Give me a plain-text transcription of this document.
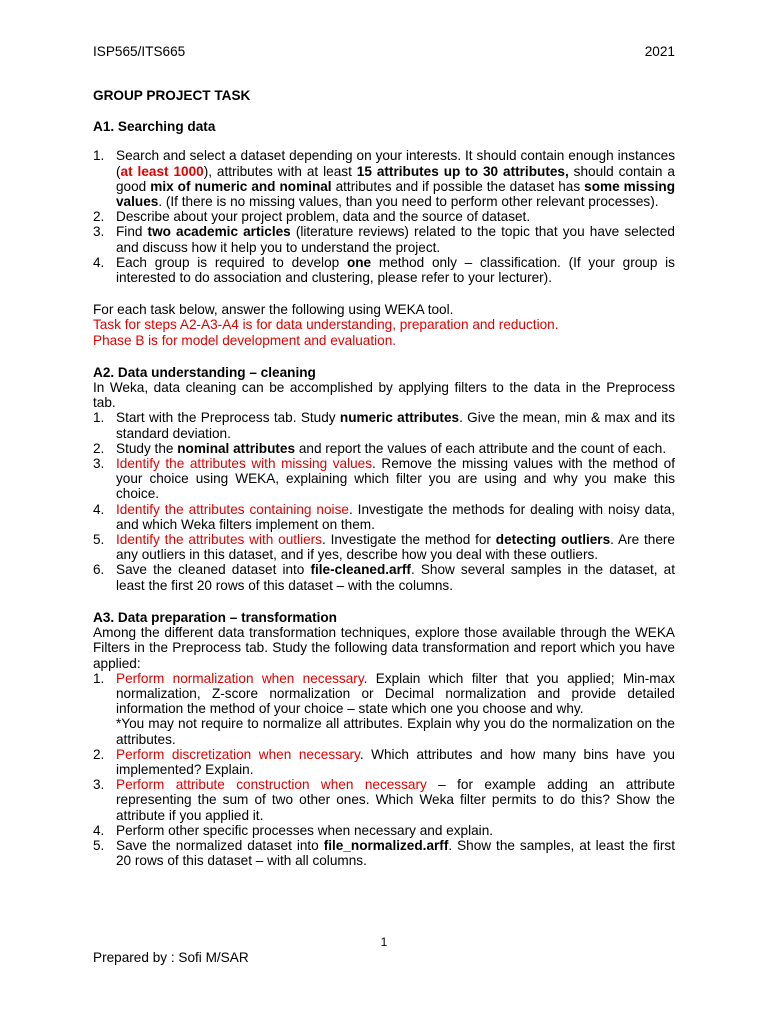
ISP565/ITS665	2021
GROUP PROJECT TASK
A1. Searching data
1. Search and select a dataset depending on your interests. It should contain enough instances (at least 1000), attributes with at least 15 attributes up to 30 attributes, should contain a good mix of numeric and nominal attributes and if possible the dataset has some missing values. (If there is no missing values, than you need to perform other relevant processes).
2. Describe about your project problem, data and the source of dataset.
3. Find two academic articles (literature reviews) related to the topic that you have selected and discuss how it help you to understand the project.
4. Each group is required to develop one method only – classification. (If your group is interested to do association and clustering, please refer to your lecturer).

For each task below, answer the following using WEKA tool.

Task for steps A2-A3-A4 is for data understanding, preparation and reduction.

Phase B is for model development and evaluation.

A2. Data understanding – cleaning

In Weka, data cleaning can be accomplished by applying filters to the data in the Preprocess tab.

1. Start with the Preprocess tab. Study numeric attributes. Give the mean, min & max and its standard deviation.
2. Study the nominal attributes and report the values of each attribute and the count of each.
3. Identify the attributes with missing values. Remove the missing values with the method of your choice using WEKA, explaining which filter you are using and why you make this choice.
4. Identify the attributes containing noise. Investigate the methods for dealing with noisy data, and which Weka filters implement on them.
5. Identify the attributes with outliers. Investigate the method for detecting outliers. Are there any outliers in this dataset, and if yes, describe how you deal with these outliers.
6. Save the cleaned dataset into file-cleaned.arff. Show several samples in the dataset, at least the first 20 rows of this dataset – with the columns.
A3. Data preparation – transformation

Among the different data transformation techniques, explore those available through the WEKA Filters in the Preprocess tab. Study the following data transformation and report which you have applied:

1. Perform normalization when necessary. Explain which filter that you applied; Min-max normalization, Z-score normalization or Decimal normalization and provide detailed information the method of your choice – state which one you choose and why.
*You may not require to normalize all attributes. Explain why you do the normalization on the attributes.
2. Perform discretization when necessary. Which attributes and how many bins have you implemented? Explain.
3. Perform attribute construction when necessary – for example adding an attribute representing the sum of two other ones. Which Weka filter permits to do this? Show the attribute if you applied it.
4. Perform other specific processes when necessary and explain.
5. Save the normalized dataset into file_normalized.arff. Show the samples, at least the first 20 rows of this dataset – with all columns.
1
Prepared by : Sofi M/SAR
